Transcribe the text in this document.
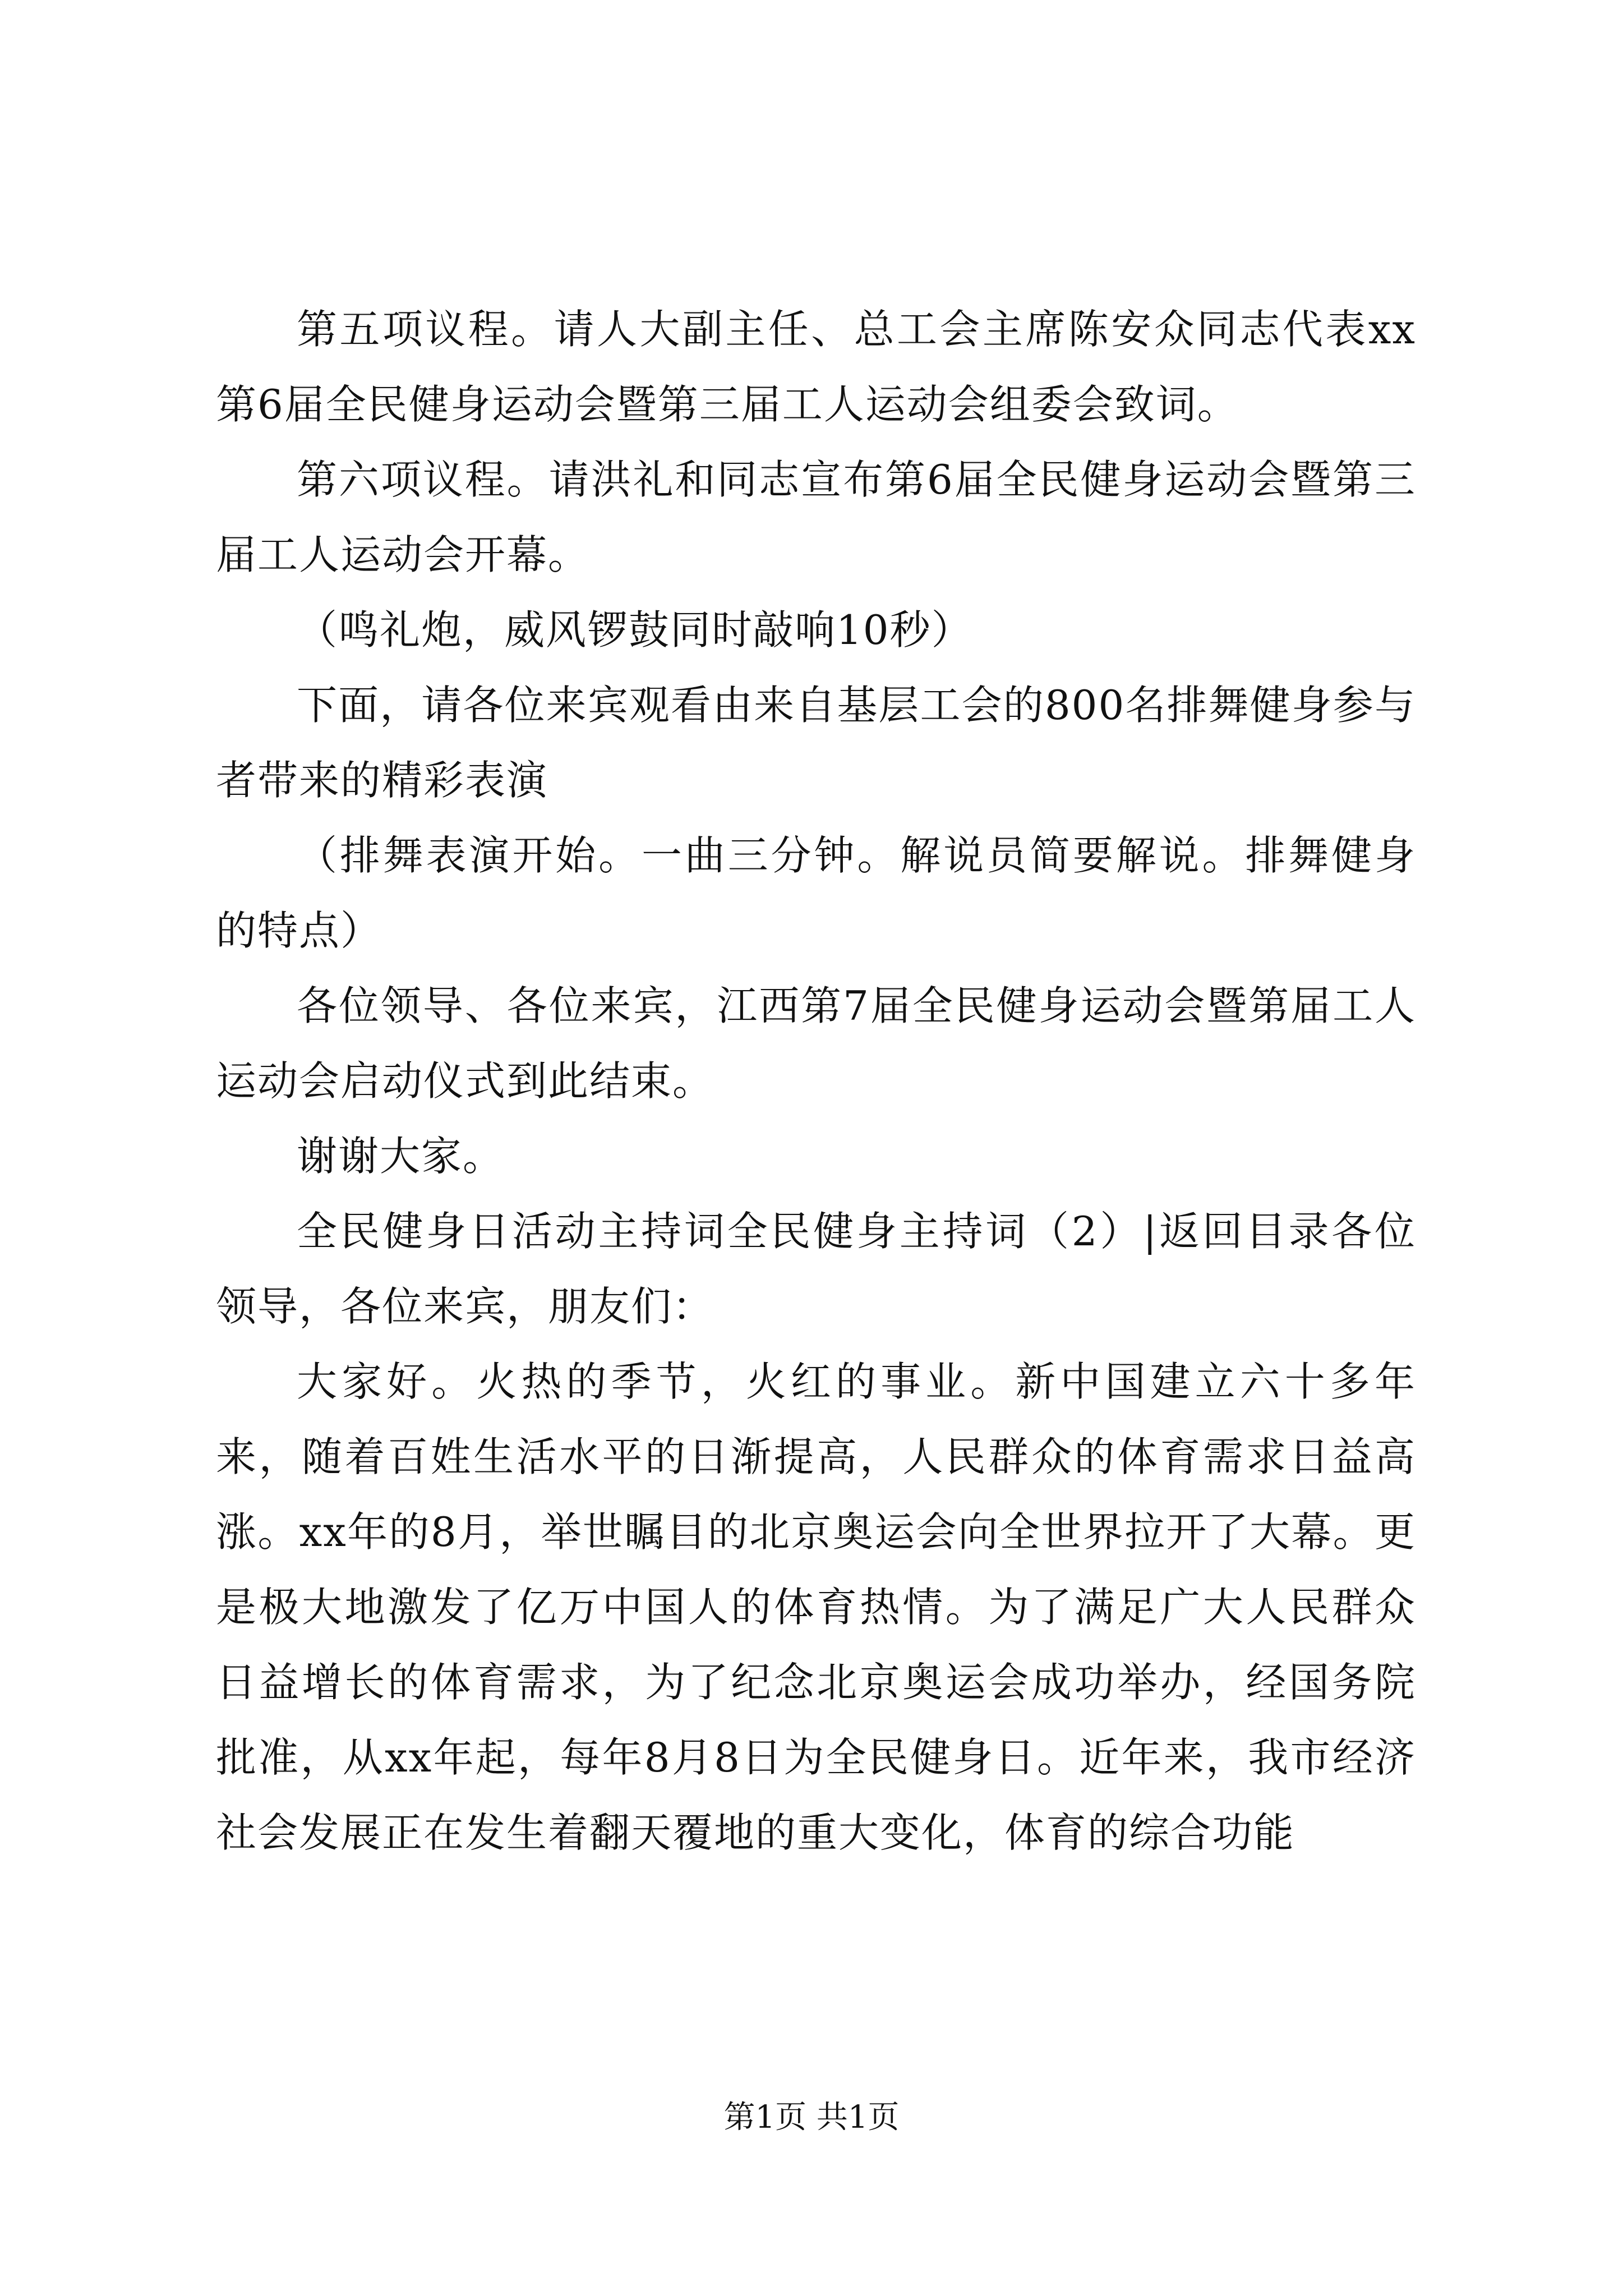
第五项议程。请人大副主任、总工会主席陈安众同志代表xx第6届全民健身运动会暨第三届工人运动会组委会致词。

第六项议程。请洪礼和同志宣布第6届全民健身运动会暨第三届工人运动会开幕。

（鸣礼炮，威风锣鼓同时敲响10秒）

下面，请各位来宾观看由来自基层工会的800名排舞健身参与者带来的精彩表演

（排舞表演开始。一曲三分钟。解说员简要解说。排舞健身的特点）

各位领导、各位来宾，江西第7届全民健身运动会暨第届工人运动会启动仪式到此结束。

谢谢大家。

全民健身日活动主持词全民健身主持词（2）|返回目录各位领导，各位来宾，朋友们：

大家好。火热的季节，火红的事业。新中国建立六十多年来，随着百姓生活水平的日渐提高，人民群众的体育需求日益高涨。xx年的8月，举世瞩目的北京奥运会向全世界拉开了大幕。更是极大地激发了亿万中国人的体育热情。为了满足广大人民群众日益增长的体育需求，为了纪念北京奥运会成功举办，经国务院批准，从xx年起，每年8月8日为全民健身日。近年来，我市经济社会发展正在发生着翻天覆地的重大变化，体育的综合功能

第1页 共1页
